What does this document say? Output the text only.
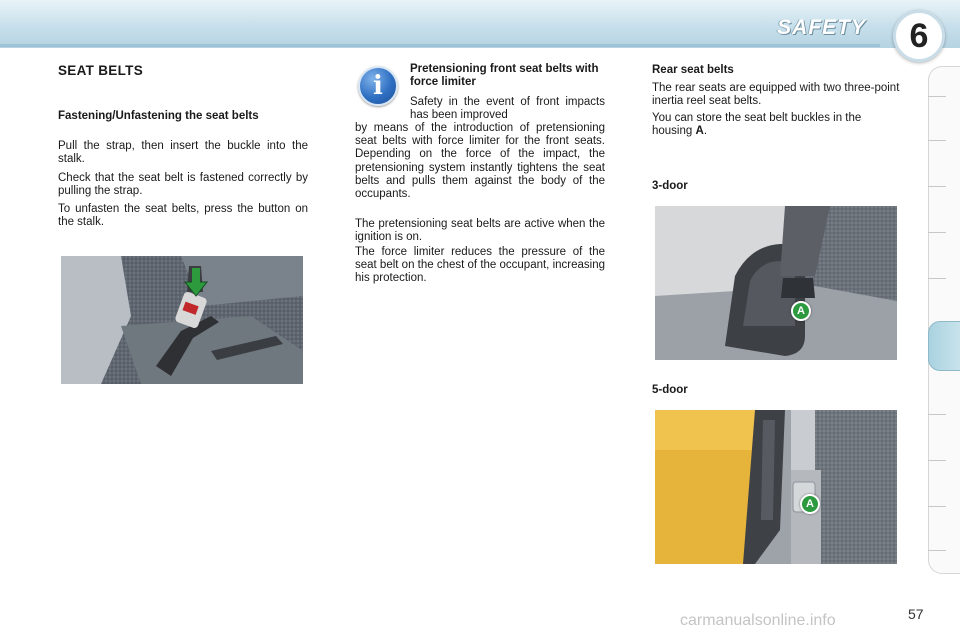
SAFETY	6
SEAT BELTS
Fastening/Unfastening the seat belts
Pull the strap, then insert the buckle into the stalk.
Check that the seat belt is fastened correctly by pulling the strap.
To unfasten the seat belts, press the button on the stalk.
i
Pretensioning front seat belts with force limiter
Safety in the event of front impacts has been improved
by means of the introduction of pretensioning seat belts with force limiter for the front seats. Depending on the force of the impact, the pretensioning system instantly tightens the seat belts and pulls them against the body of the occupants.
The pretensioning seat belts are active when the ignition is on.
The force limiter reduces the pressure of the seat belt on the chest of the occupant, increasing his protection.
Rear seat belts
The rear seats are equipped with two three-point inertia reel seat belts.
You can store the seat belt buckles in the housing A.
3-door
A
5-door
A
carmanualsonline.info	57
